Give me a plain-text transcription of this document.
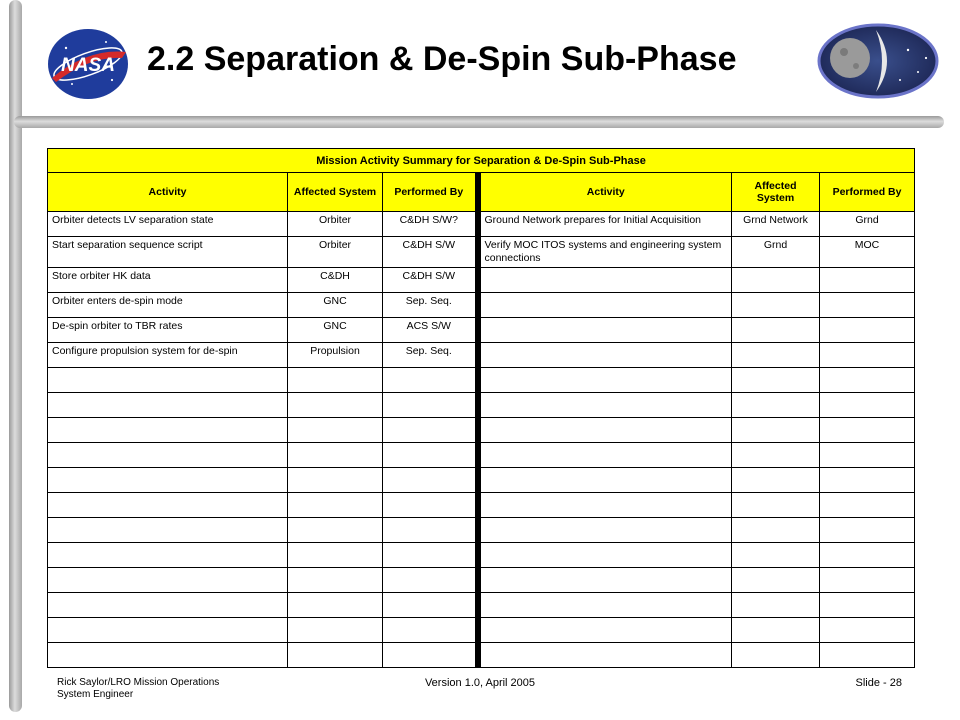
NASA 2.2 Separation & De-Spin Sub-Phase
Mission Activity Summary for Separation & De-Spin Sub-Phase					
Activity	Affected System	Performed By	Activity	Affected System	Performed By
Orbiter detects LV separation state	Orbiter	C&DH S/W?	Ground Network prepares for Initial Acquisition	Grnd Network	Grnd
Start separation sequence script	Orbiter	C&DH S/W	Verify MOC ITOS systems and engineering system connections	Grnd	MOC
Store orbiter HK data	C&DH	C&DH S/W			
Orbiter enters de-spin mode	GNC	Sep. Seq.			
De-spin orbiter to TBR rates	GNC	ACS S/W			
Configure propulsion system for de-spin	Propulsion	Sep. Seq.			

Rick Saylor/LRO Mission Operations
System Engineer
Version 1.0, April 2005	Slide - 28
